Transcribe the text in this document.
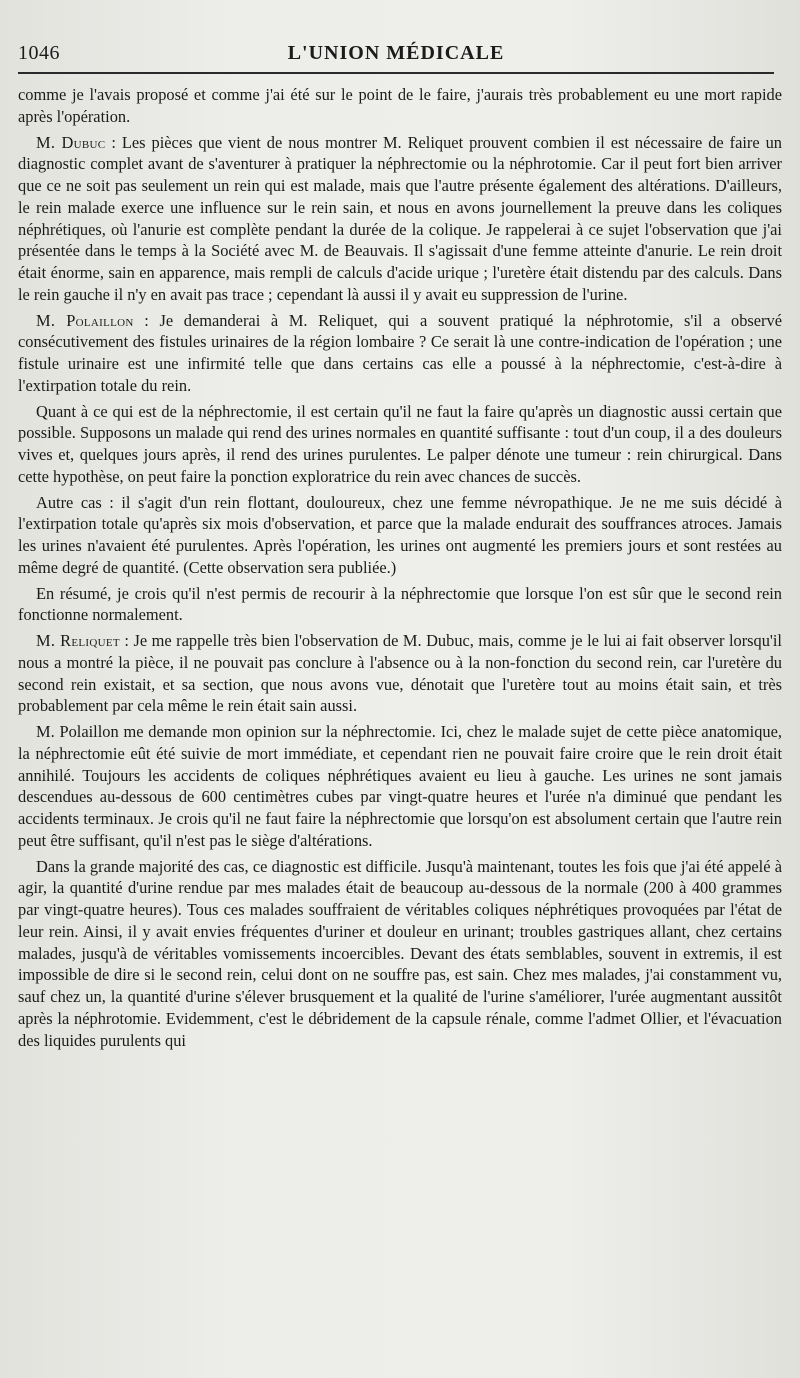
1046	L'UNION MÉDICALE

comme je l'avais proposé et comme j'ai été sur le point de le faire, j'aurais très probablement eu une mort rapide après l'opération.

M. Dubuc : Les pièces que vient de nous montrer M. Reliquet prouvent combien il est nécessaire de faire un diagnostic complet avant de s'aventurer à pratiquer la néphrectomie ou la néphrotomie. Car il peut fort bien arriver que ce ne soit pas seulement un rein qui est malade, mais que l'autre présente également des altérations. D'ailleurs, le rein malade exerce une influence sur le rein sain, et nous en avons journellement la preuve dans les coliques néphrétiques, où l'anurie est complète pendant la durée de la colique. Je rappelerai à ce sujet l'observation que j'ai présentée dans le temps à la Société avec M. de Beauvais. Il s'agissait d'une femme atteinte d'anurie. Le rein droit était énorme, sain en apparence, mais rempli de calculs d'acide urique ; l'uretère était distendu par des calculs. Dans le rein gauche il n'y en avait pas trace ; cependant là aussi il y avait eu suppression de l'urine.

M. Polaillon : Je demanderai à M. Reliquet, qui a souvent pratiqué la néphrotomie, s'il a observé consécutivement des fistules urinaires de la région lombaire ? Ce serait là une contre-indication de l'opération ; une fistule urinaire est une infirmité telle que dans certains cas elle a poussé à la néphrectomie, c'est-à-dire à l'extirpation totale du rein.

Quant à ce qui est de la néphrectomie, il est certain qu'il ne faut la faire qu'après un diagnostic aussi certain que possible. Supposons un malade qui rend des urines normales en quantité suffisante : tout d'un coup, il a des douleurs vives et, quelques jours après, il rend des urines purulentes. Le palper dénote une tumeur : rein chirurgical. Dans cette hypothèse, on peut faire la ponction exploratrice du rein avec chances de succès.

Autre cas : il s'agit d'un rein flottant, douloureux, chez une femme névropathique. Je ne me suis décidé à l'extirpation totale qu'après six mois d'observation, et parce que la malade endurait des souffrances atroces. Jamais les urines n'avaient été purulentes. Après l'opération, les urines ont augmenté les premiers jours et sont restées au même degré de quantité. (Cette observation sera publiée.)

En résumé, je crois qu'il n'est permis de recourir à la néphrectomie que lorsque l'on est sûr que le second rein fonctionne normalement.

M. Reliquet : Je me rappelle très bien l'observation de M. Dubuc, mais, comme je le lui ai fait observer lorsqu'il nous a montré la pièce, il ne pouvait pas conclure à l'absence ou à la non-fonction du second rein, car l'uretère du second rein existait, et sa section, que nous avons vue, dénotait que l'uretère tout au moins était sain, et très probablement par cela même le rein était sain aussi.

M. Polaillon me demande mon opinion sur la néphrectomie. Ici, chez le malade sujet de cette pièce anatomique, la néphrectomie eût été suivie de mort immédiate, et cependant rien ne pouvait faire croire que le rein droit était annihilé. Toujours les accidents de coliques néphrétiques avaient eu lieu à gauche. Les urines ne sont jamais descendues au-dessous de 600 centimètres cubes par vingt-quatre heures et l'urée n'a diminué que pendant les accidents terminaux. Je crois qu'il ne faut faire la néphrectomie que lorsqu'on est absolument certain que l'autre rein peut être suffisant, qu'il n'est pas le siège d'altérations.

Dans la grande majorité des cas, ce diagnostic est difficile. Jusqu'à maintenant, toutes les fois que j'ai été appelé à agir, la quantité d'urine rendue par mes malades était de beaucoup au-dessous de la normale (200 à 400 grammes par vingt-quatre heures). Tous ces malades souffraient de véritables coliques néphrétiques provoquées par l'état de leur rein. Ainsi, il y avait envies fréquentes d'uriner et douleur en urinant; troubles gastriques allant, chez certains malades, jusqu'à de véritables vomissements incoercibles. Devant des états semblables, souvent in extremis, il est impossible de dire si le second rein, celui dont on ne souffre pas, est sain. Chez mes malades, j'ai constamment vu, sauf chez un, la quantité d'urine s'élever brusquement et la qualité de l'urine s'améliorer, l'urée augmentant aussitôt après la néphrotomie. Evidemment, c'est le débridement de la capsule rénale, comme l'admet Ollier, et l'évacuation des liquides purulents qui
